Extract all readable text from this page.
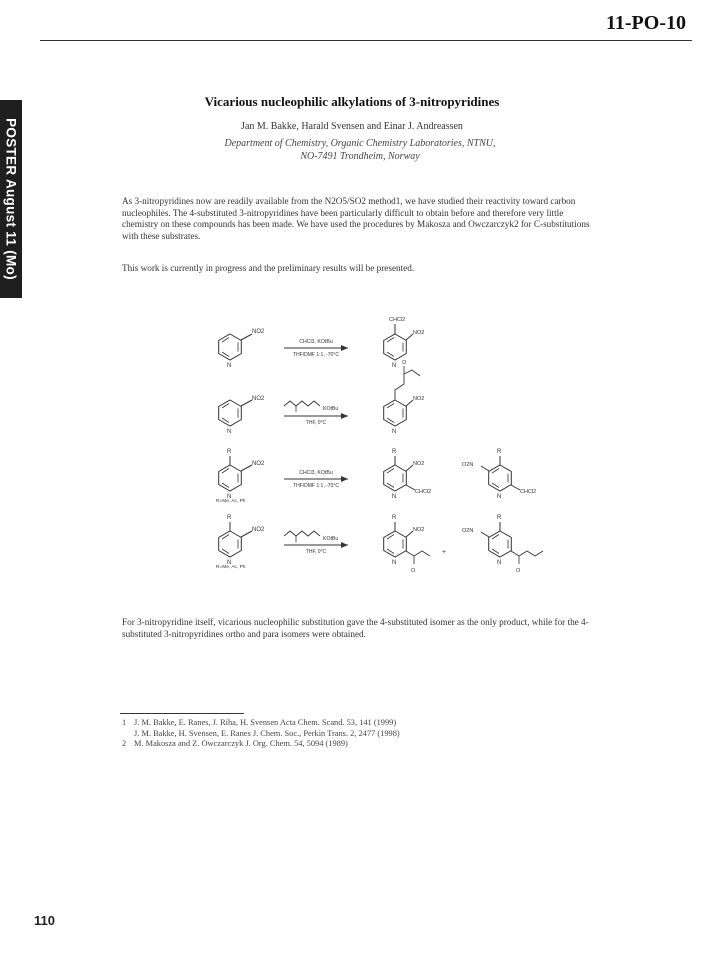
11-PO-10
POSTER August 11 (Mo)
Vicarious nucleophilic alkylations of 3-nitropyridines
Jan M. Bakke, Harald Svensen and Einar J. Andreassen
Department of Chemistry, Organic Chemistry Laboratories, NTNU,
NO-7491 Trondheim, Norway
As 3-nitropyridines now are readily available from the N2O5/SO2 method1, we have studied their reactivity toward carbon nucleophiles. The 4-substituted 3-nitropyridines have been particularly difficult to obtain before and therefore very little chemistry on these compounds has been made. We have used the procedures by Makosza and Owczarczyk2 for C-substitutions with these substrates.
This work is currently in progress and the preliminary results will be presented.
N
NO2
CHCl3, KOtBu
THF/DMF 1:1, -70°C
CHCl2
NO2
NO2
KOtBu
THF, 0°C
O
NO2
R
NO2
R=Me, Ac, Ph
CHCl3, KOtBu
THF/DMF 1:1, -70°C
R
NO2
CHCl2
R
O2N
CHCl2
R
NO2
R=Me, Ac, Ph
KOtBu
THF, 0°C
R
NO2
O
+
R
O2N
O
For 3-nitropyridine itself, vicarious nucleophilic substitution gave the 4-substituted isomer as the only product, while for the 4-substituted 3-nitropyridines ortho and para isomers were obtained.
1 J. M. Bakke, E. Ranes, J. Riha, H. Svensen Acta Chem. Scand. 53, 141 (1999)
J. M. Bakke, H. Svensen, E. Ranes J. Chem. Soc., Perkin Trans. 2, 2477 (1998)
2 M. Makosza and Z. Owczarczyk J. Org. Chem. 54, 5094 (1989)
110
